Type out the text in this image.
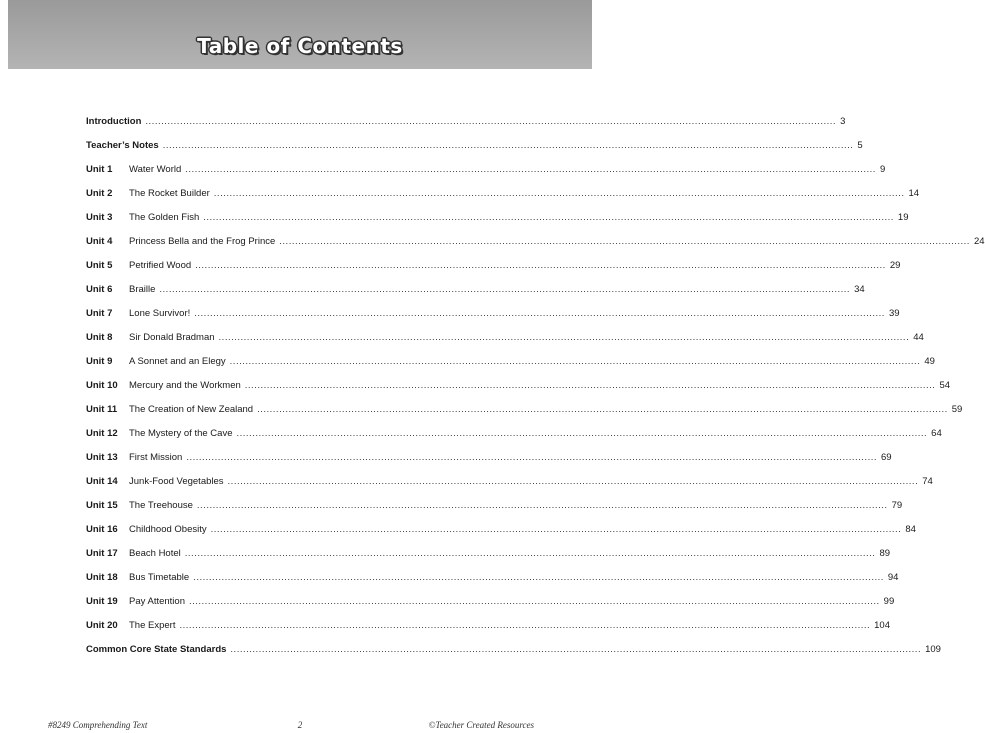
Table of Contents
Introduction ............................................................................................................................................................................................................................ 3
Teacher’s Notes ............................................................................................................................................................................................................................ 5
Unit 1	Water World ............................................................................................................................................................................................................................ 9
Unit 2	The Rocket Builder ............................................................................................................................................................................................................................ 14
Unit 3	The Golden Fish ............................................................................................................................................................................................................................ 19
Unit 4	Princess Bella and the Frog Prince ............................................................................................................................................................................................................................ 24
Unit 5	Petrified Wood ............................................................................................................................................................................................................................ 29
Unit 6	Braille ............................................................................................................................................................................................................................ 34
Unit 7	Lone Survivor! ............................................................................................................................................................................................................................ 39
Unit 8	Sir Donald Bradman ............................................................................................................................................................................................................................ 44
Unit 9	A Sonnet and an Elegy ............................................................................................................................................................................................................................ 49
Unit 10	Mercury and the Workmen ............................................................................................................................................................................................................................ 54
Unit 11	The Creation of New Zealand ............................................................................................................................................................................................................................ 59
Unit 12	The Mystery of the Cave ............................................................................................................................................................................................................................ 64
Unit 13	First Mission ............................................................................................................................................................................................................................ 69
Unit 14	Junk-Food Vegetables ............................................................................................................................................................................................................................ 74
Unit 15	The Treehouse ............................................................................................................................................................................................................................ 79
Unit 16	Childhood Obesity ............................................................................................................................................................................................................................ 84
Unit 17	Beach Hotel ............................................................................................................................................................................................................................ 89
Unit 18	Bus Timetable ............................................................................................................................................................................................................................ 94
Unit 19	Pay Attention ............................................................................................................................................................................................................................ 99
Unit 20	The Expert ............................................................................................................................................................................................................................ 104
Common Core State Standards ............................................................................................................................................................................................................................ 109
#8249 Comprehending Text	2	©Teacher Created Resources
